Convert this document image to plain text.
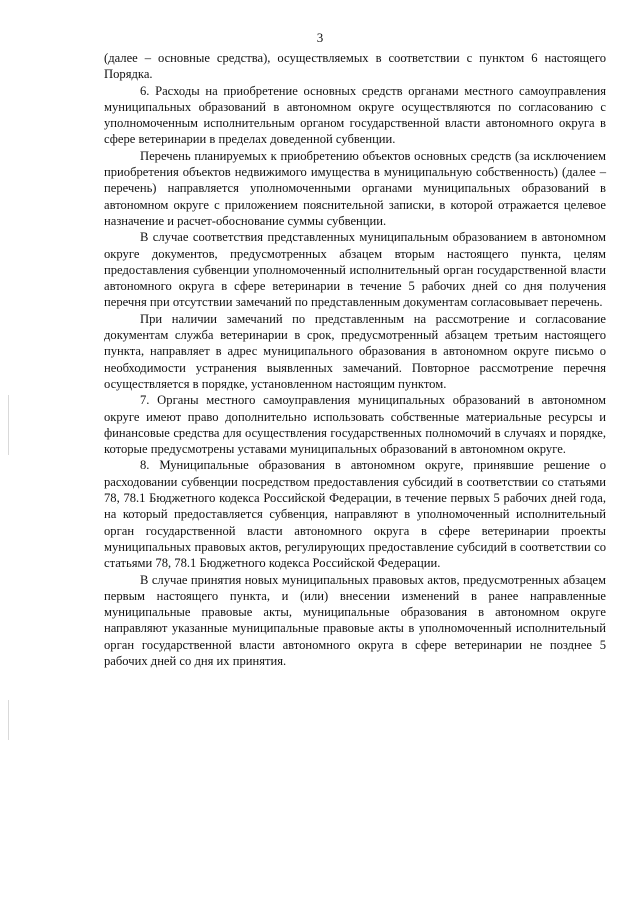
3

(далее – основные средства), осуществляемых в соответствии с пунктом 6 настоящего Порядка.

6. Расходы на приобретение основных средств органами местного самоуправления муниципальных образований в автономном округе осуществляются по согласованию с уполномоченным исполнительным органом государственной власти автономного округа в сфере ветеринарии в пределах доведенной субвенции.

Перечень планируемых к приобретению объектов основных средств (за исключением приобретения объектов недвижимого имущества в муниципальную собственность) (далее – перечень) направляется уполномоченными органами муниципальных образований в автономном округе с приложением пояснительной записки, в которой отражается целевое назначение и расчет-обоснование суммы субвенции.

В случае соответствия представленных муниципальным образованием в автономном округе документов, предусмотренных абзацем вторым настоящего пункта, целям предоставления субвенции уполномоченный исполнительный орган государственной власти автономного округа в сфере ветеринарии в течение 5 рабочих дней со дня получения перечня при отсутствии замечаний по представленным документам согласовывает перечень.

При наличии замечаний по представленным на рассмотрение и согласование документам служба ветеринарии в срок, предусмотренный абзацем третьим настоящего пункта, направляет в адрес муниципального образования в автономном округе письмо о необходимости устранения выявленных замечаний. Повторное рассмотрение перечня осуществляется в порядке, установленном настоящим пунктом.

7. Органы местного самоуправления муниципальных образований в автономном округе имеют право дополнительно использовать собственные материальные ресурсы и финансовые средства для осуществления государственных полномочий в случаях и порядке, которые предусмотрены уставами муниципальных образований в автономном округе.

8. Муниципальные образования в автономном округе, принявшие решение о расходовании субвенции посредством предоставления субсидий в соответствии со статьями 78, 78.1 Бюджетного кодекса Российской Федерации, в течение первых 5 рабочих дней года, на который предоставляется субвенция, направляют в уполномоченный исполнительный орган государственной власти автономного округа в сфере ветеринарии проекты муниципальных правовых актов, регулирующих предоставление субсидий в соответствии со статьями 78, 78.1 Бюджетного кодекса Российской Федерации.

В случае принятия новых муниципальных правовых актов, предусмотренных абзацем первым настоящего пункта, и (или) внесении изменений в ранее направленные муниципальные правовые акты, муниципальные образования в автономном округе направляют указанные муниципальные правовые акты в уполномоченный исполнительный орган государственной власти автономного округа в сфере ветеринарии не позднее 5 рабочих дней со дня их принятия.
